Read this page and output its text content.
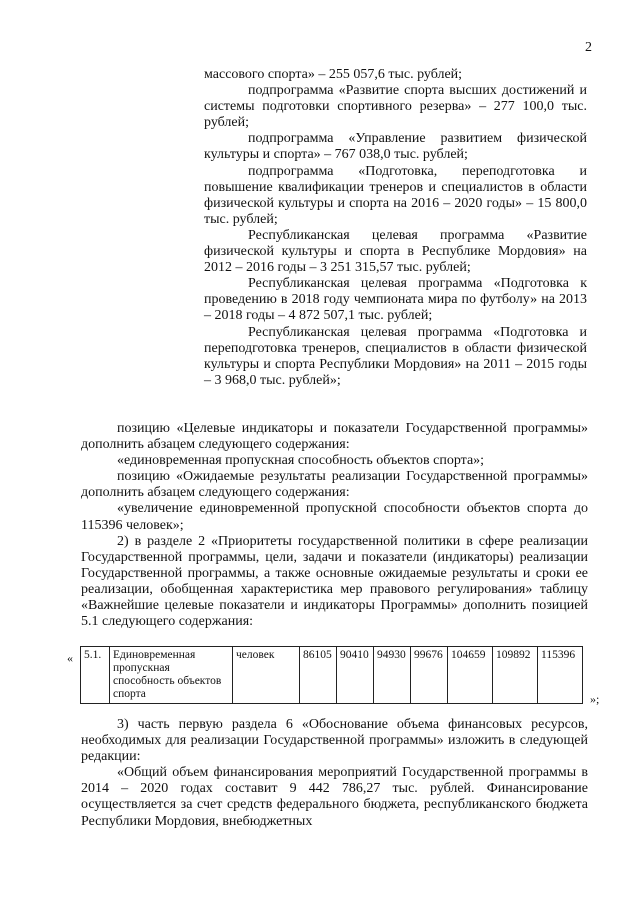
2

массового спорта» – 255 057,6 тыс. рублей;

подпрограмма «Развитие спорта высших достижений и системы подготовки спортивного резерва» – 277 100,0 тыс. рублей;

подпрограмма «Управление развитием физической культуры и спорта» – 767 038,0 тыс. рублей;

подпрограмма «Подготовка, переподготовка и повышение квалификации тренеров и специалистов в области физической культуры и спорта на 2016 – 2020 годы» – 15 800,0 тыс. рублей;

Республиканская целевая программа «Развитие физической культуры и спорта в Республике Мордовия» на 2012 – 2016 годы – 3 251 315,57 тыс. рублей;

Республиканская целевая программа «Подготовка к проведению в 2018 году чемпионата мира по футболу» на 2013 – 2018 годы – 4 872 507,1 тыс. рублей;

Республиканская целевая программа «Подготовка и переподготовка тренеров, специалистов в области физической культуры и спорта Республики Мордовия» на 2011 – 2015 годы – 3 968,0 тыс. рублей»;

позицию «Целевые индикаторы и показатели Государственной программы» дополнить абзацем следующего содержания:

«единовременная пропускная способность объектов спорта»;

позицию «Ожидаемые результаты реализации Государственной программы» дополнить абзацем следующего содержания:

«увеличение единовременной пропускной способности объектов спорта до 115396 человек»;

2) в разделе 2 «Приоритеты государственной политики в сфере реализации Государственной программы, цели, задачи и показатели (индикаторы) реализации Государственной программы, а также основные ожидаемые результаты и сроки ее реализации, обобщенная характеристика мер правового регулирования» таблицу «Важнейшие целевые показатели и индикаторы Программы» дополнить позицией 5.1 следующего содержания:

« 5.1.	Единовременная пропускная способность объектов спорта	человек	86105	90410	94930	99676	104659	109892	115396
»;

3) часть первую раздела 6 «Обоснование объема финансовых ресурсов, необходимых для реализации Государственной программы» изложить в следующей редакции:

«Общий объем финансирования мероприятий Государственной программы в 2014 – 2020 годах составит 9 442 786,27 тыс. рублей. Финансирование осуществляется за счет средств федерального бюджета, республиканского бюджета Республики Мордовия, внебюджетных
